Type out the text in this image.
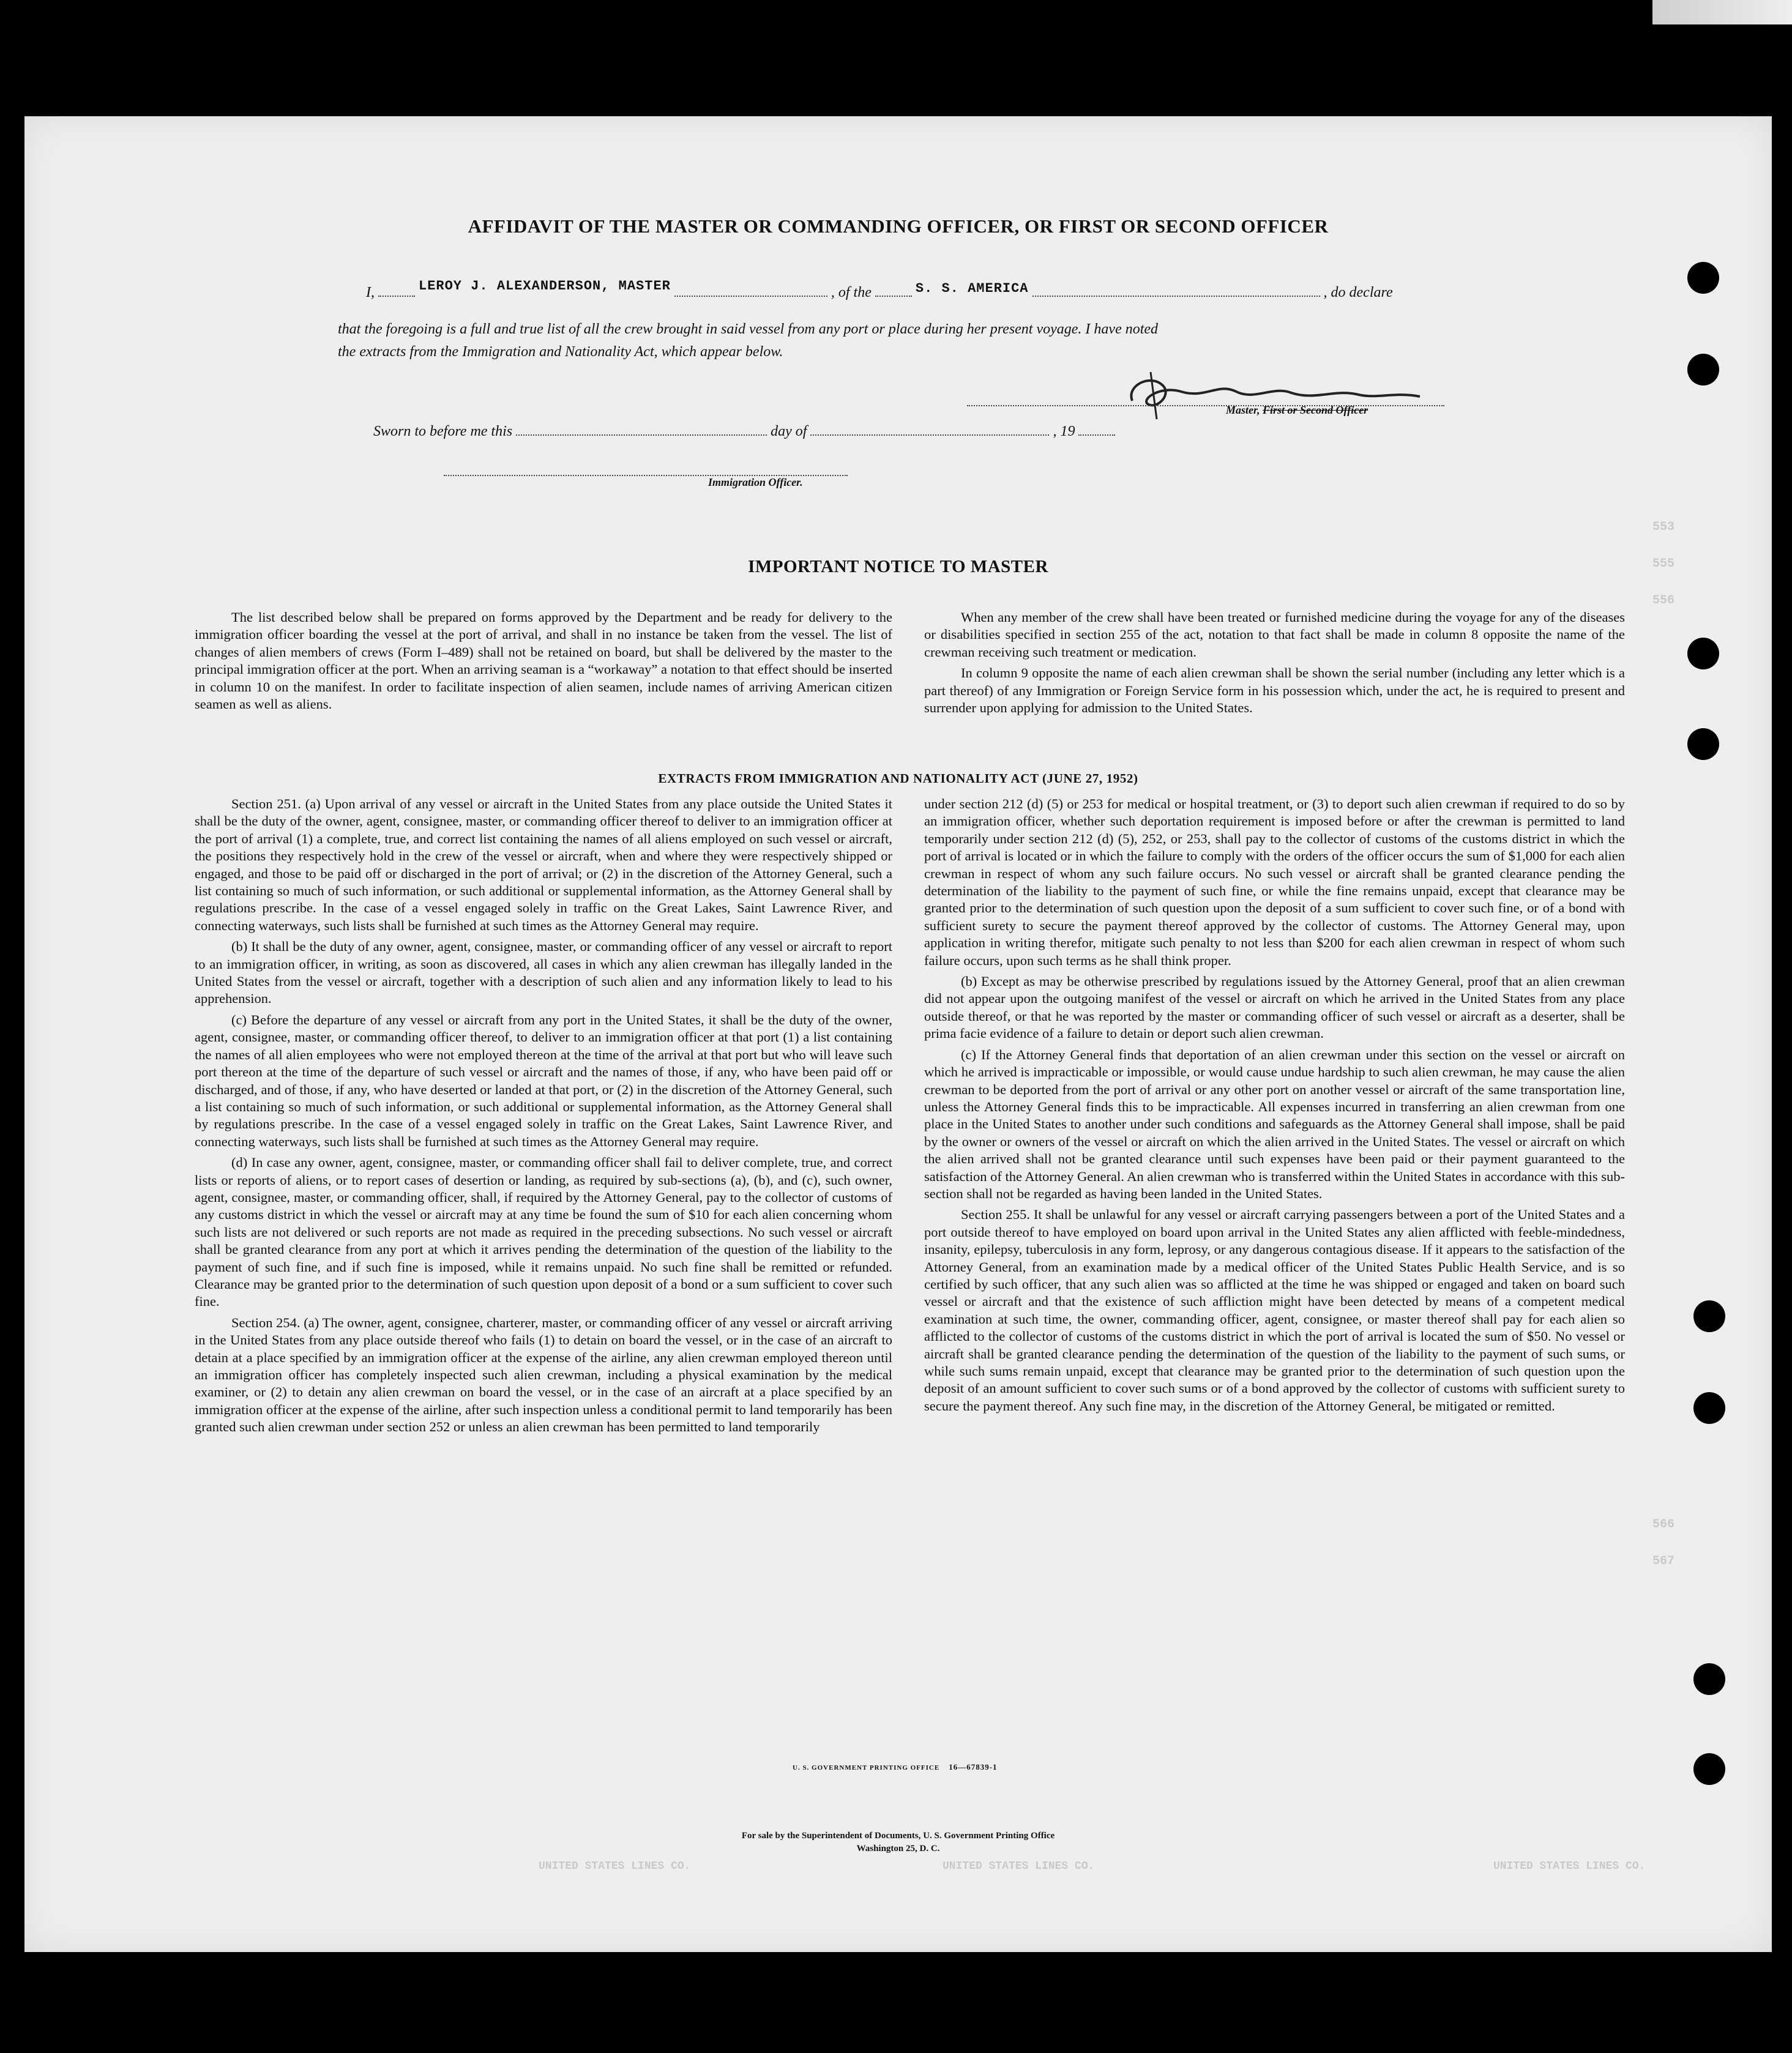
553
555
556
566
567
AFFIDAVIT OF THE MASTER OR COMMANDING OFFICER, OR FIRST OR SECOND OFFICER
I,	LEROY J. ALEXANDERSON, MASTER	, of the	S. S. AMERICA	, do declare
that the foregoing is a full and true list of all the crew brought in said vessel from any port or place during her present voyage. I have noted
the extracts from the Immigration and Nationality Act, which appear below.
Master, First or Second Officer
Sworn to before me this	day of	, 19
Immigration Officer.
IMPORTANT NOTICE TO MASTER

The list described below shall be prepared on forms approved by the Department and be ready for delivery to the immigration officer boarding the vessel at the port of arrival, and shall in no instance be taken from the vessel. The list of changes of alien members of crews (Form I–489) shall not be retained on board, but shall be delivered by the master to the principal immigration officer at the port. When an arriving seaman is a “workaway” a notation to that effect should be inserted in column 10 on the manifest. In order to facilitate inspection of alien seamen, include names of arriving American citizen seamen as well as aliens.

When any member of the crew shall have been treated or furnished medicine during the voyage for any of the diseases or disabilities specified in section 255 of the act, notation to that fact shall be made in column 8 opposite the name of the crewman receiving such treatment or medication.

In column 9 opposite the name of each alien crewman shall be shown the serial number (including any letter which is a part thereof) of any Immigration or Foreign Service form in his possession which, under the act, he is required to present and surrender upon applying for admission to the United States.

EXTRACTS FROM IMMIGRATION AND NATIONALITY ACT (JUNE 27, 1952)

Section 251. (a) Upon arrival of any vessel or aircraft in the United States from any place outside the United States it shall be the duty of the owner, agent, consignee, master, or commanding officer thereof to deliver to an immigration officer at the port of arrival (1) a complete, true, and correct list containing the names of all aliens employed on such vessel or aircraft, the positions they respectively hold in the crew of the vessel or aircraft, when and where they were respectively shipped or engaged, and those to be paid off or discharged in the port of arrival; or (2) in the discretion of the Attorney General, such a list containing so much of such information, or such additional or supplemental information, as the Attorney General shall by regulations prescribe. In the case of a vessel engaged solely in traffic on the Great Lakes, Saint Lawrence River, and connecting waterways, such lists shall be furnished at such times as the Attorney General may require.

(b) It shall be the duty of any owner, agent, consignee, master, or commanding officer of any vessel or aircraft to report to an immigration officer, in writing, as soon as discovered, all cases in which any alien crewman has illegally landed in the United States from the vessel or aircraft, together with a description of such alien and any information likely to lead to his apprehension.

(c) Before the departure of any vessel or aircraft from any port in the United States, it shall be the duty of the owner, agent, consignee, master, or commanding officer thereof, to deliver to an immigration officer at that port (1) a list containing the names of all alien employees who were not employed thereon at the time of the arrival at that port but who will leave such port thereon at the time of the departure of such vessel or aircraft and the names of those, if any, who have been paid off or discharged, and of those, if any, who have deserted or landed at that port, or (2) in the discretion of the Attorney General, such a list containing so much of such information, or such additional or supplemental information, as the Attorney General shall by regulations prescribe. In the case of a vessel engaged solely in traffic on the Great Lakes, Saint Lawrence River, and connecting waterways, such lists shall be furnished at such times as the Attorney General may require.

(d) In case any owner, agent, consignee, master, or commanding officer shall fail to deliver complete, true, and correct lists or reports of aliens, or to report cases of desertion or landing, as required by sub-sections (a), (b), and (c), such owner, agent, consignee, master, or commanding officer, shall, if required by the Attorney General, pay to the collector of customs of any customs district in which the vessel or aircraft may at any time be found the sum of $10 for each alien concerning whom such lists are not delivered or such reports are not made as required in the preceding subsections. No such vessel or aircraft shall be granted clearance from any port at which it arrives pending the determination of the question of the liability to the payment of such fine, and if such fine is imposed, while it remains unpaid. No such fine shall be remitted or refunded. Clearance may be granted prior to the determination of such question upon deposit of a bond or a sum sufficient to cover such fine.

Section 254. (a) The owner, agent, consignee, charterer, master, or commanding officer of any vessel or aircraft arriving in the United States from any place outside thereof who fails (1) to detain on board the vessel, or in the case of an aircraft to detain at a place specified by an immigration officer at the expense of the airline, any alien crewman employed thereon until an immigration officer has completely inspected such alien crewman, including a physical examination by the medical examiner, or (2) to detain any alien crewman on board the vessel, or in the case of an aircraft at a place specified by an immigration officer at the expense of the airline, after such inspection unless a conditional permit to land temporarily has been granted such alien crewman under section 252 or unless an alien crewman has been permitted to land temporarily

under section 212 (d) (5) or 253 for medical or hospital treatment, or (3) to deport such alien crewman if required to do so by an immigration officer, whether such deportation requirement is imposed before or after the crewman is permitted to land temporarily under section 212 (d) (5), 252, or 253, shall pay to the collector of customs of the customs district in which the port of arrival is located or in which the failure to comply with the orders of the officer occurs the sum of $1,000 for each alien crewman in respect of whom any such failure occurs. No such vessel or aircraft shall be granted clearance pending the determination of the liability to the payment of such fine, or while the fine remains unpaid, except that clearance may be granted prior to the determination of such question upon the deposit of a sum sufficient to cover such fine, or of a bond with sufficient surety to secure the payment thereof approved by the collector of customs. The Attorney General may, upon application in writing therefor, mitigate such penalty to not less than $200 for each alien crewman in respect of whom such failure occurs, upon such terms as he shall think proper.

(b) Except as may be otherwise prescribed by regulations issued by the Attorney General, proof that an alien crewman did not appear upon the outgoing manifest of the vessel or aircraft on which he arrived in the United States from any place outside thereof, or that he was reported by the master or commanding officer of such vessel or aircraft as a deserter, shall be prima facie evidence of a failure to detain or deport such alien crewman.

(c) If the Attorney General finds that deportation of an alien crewman under this section on the vessel or aircraft on which he arrived is impracticable or impossible, or would cause undue hardship to such alien crewman, he may cause the alien crewman to be deported from the port of arrival or any other port on another vessel or aircraft of the same transportation line, unless the Attorney General finds this to be impracticable. All expenses incurred in transferring an alien crewman from one place in the United States to another under such conditions and safeguards as the Attorney General shall impose, shall be paid by the owner or owners of the vessel or aircraft on which the alien arrived in the United States. The vessel or aircraft on which the alien arrived shall not be granted clearance until such expenses have been paid or their payment guaranteed to the satisfaction of the Attorney General. An alien crewman who is transferred within the United States in accordance with this sub-section shall not be regarded as having been landed in the United States.

Section 255. It shall be unlawful for any vessel or aircraft carrying passengers between a port of the United States and a port outside thereof to have employed on board upon arrival in the United States any alien afflicted with feeble-mindedness, insanity, epilepsy, tuberculosis in any form, leprosy, or any dangerous contagious disease. If it appears to the satisfaction of the Attorney General, from an examination made by a medical officer of the United States Public Health Service, and is so certified by such officer, that any such alien was so afflicted at the time he was shipped or engaged and taken on board such vessel or aircraft and that the existence of such affliction might have been detected by means of a competent medical examination at such time, the owner, commanding officer, agent, consignee, or master thereof shall pay for each alien so afflicted to the collector of customs of the customs district in which the port of arrival is located the sum of $50. No vessel or aircraft shall be granted clearance pending the determination of the question of the liability to the payment of such sums, or while such sums remain unpaid, except that clearance may be granted prior to the determination of such question upon the deposit of an amount sufficient to cover such sums or of a bond approved by the collector of customs with sufficient surety to secure the payment thereof. Any such fine may, in the discretion of the Attorney General, be mitigated or remitted.

U. S. GOVERNMENT PRINTING OFFICE 16—67839-1
For sale by the Superintendent of Documents, U. S. Government Printing Office
Washington 25, D. C.
UNITED STATES LINES CO.	UNITED STATES LINES CO.	UNITED STATES LINES CO.
